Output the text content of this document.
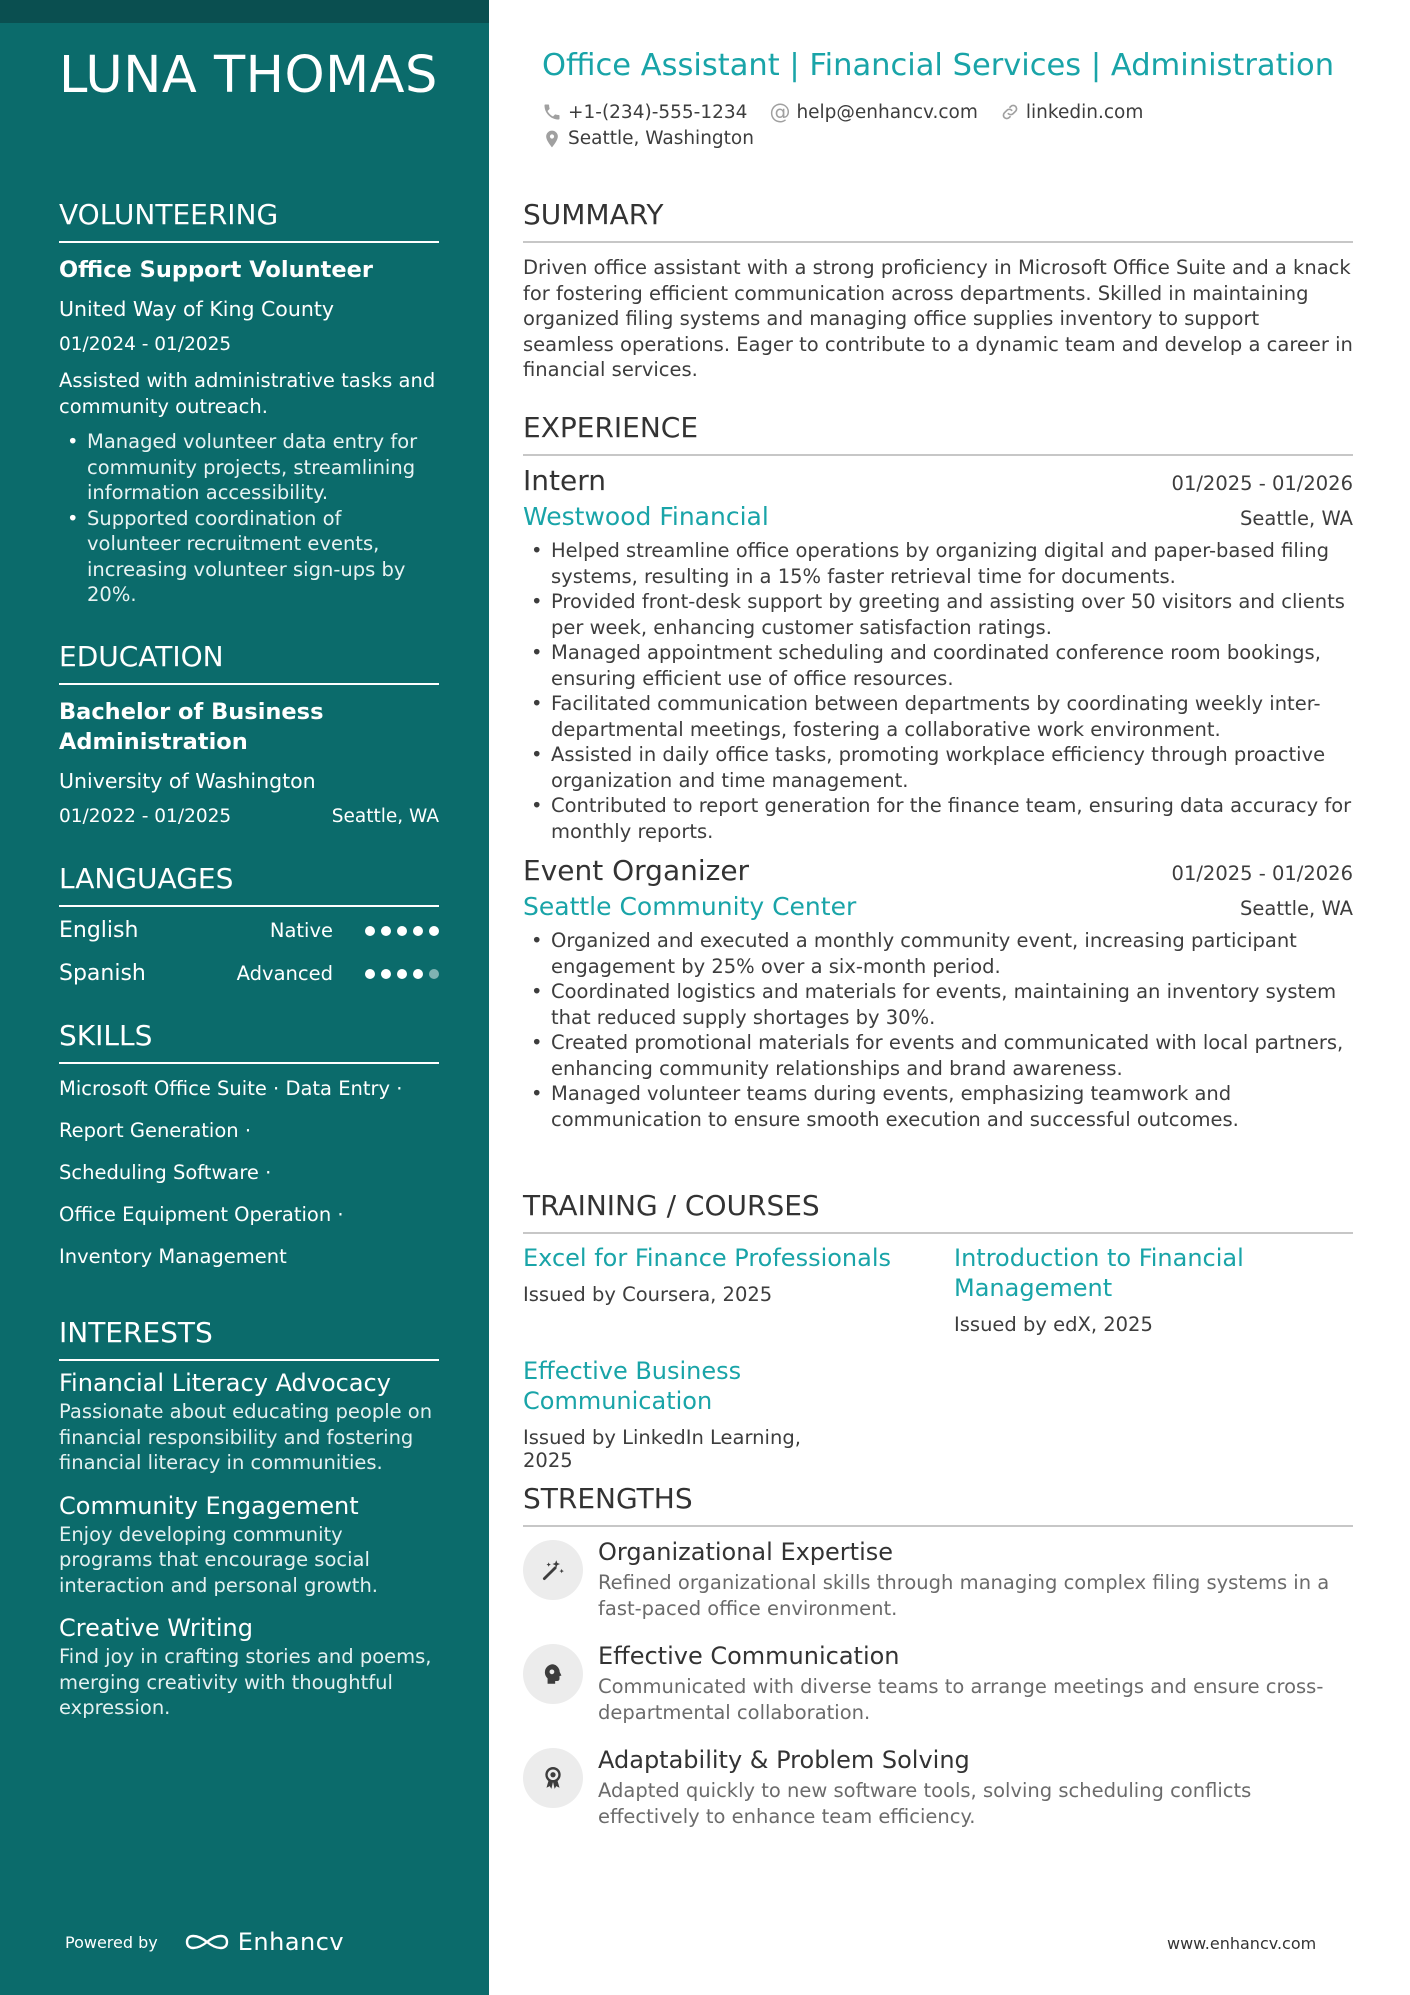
LUNA THOMAS
VOLUNTEERING
Office Support Volunteer
United Way of King County
01/2024 - 01/2025
Assisted with administrative tasks and community outreach.
• Managed volunteer data entry for community projects, streamlining information accessibility.
• Supported coordination of volunteer recruitment events, increasing volunteer sign-ups by 20%.
EDUCATION
Bachelor of Business Administration
University of Washington
01/2022 - 01/2025	Seattle, WA
LANGUAGES
English	Native
Spanish	Advanced
SKILLS
Microsoft Office Suite · Data Entry ·
Report Generation ·
Scheduling Software ·
Office Equipment Operation ·
Inventory Management
INTERESTS
Financial Literacy Advocacy
Passionate about educating people on financial responsibility and fostering financial literacy in communities.
Community Engagement
Enjoy developing community programs that encourage social interaction and personal growth.
Creative Writing
Find joy in crafting stories and poems, merging creativity with thoughtful expression.
Powered by	Enhancv
Office Assistant | Financial Services | Administration
+1-(234)-555-1234 @ help@enhancv.com	linkedin.com
Seattle, Washington
SUMMARY
Driven office assistant with a strong proficiency in Microsoft Office Suite and a knack for fostering efficient communication across departments. Skilled in maintaining organized filing systems and managing office supplies inventory to support seamless operations. Eager to contribute to a dynamic team and develop a career in financial services.
EXPERIENCE
Intern	01/2025 - 01/2026
Westwood Financial	Seattle, WA
• Helped streamline office operations by organizing digital and paper-based filing systems, resulting in a 15% faster retrieval time for documents.
• Provided front-desk support by greeting and assisting over 50 visitors and clients per week, enhancing customer satisfaction ratings.
• Managed appointment scheduling and coordinated conference room bookings, ensuring efficient use of office resources.
• Facilitated communication between departments by coordinating weekly inter-departmental meetings, fostering a collaborative work environment.
• Assisted in daily office tasks, promoting workplace efficiency through proactive organization and time management.
• Contributed to report generation for the finance team, ensuring data accuracy for monthly reports.
Event Organizer	01/2025 - 01/2026
Seattle Community Center	Seattle, WA
• Organized and executed a monthly community event, increasing participant engagement by 25% over a six-month period.
• Coordinated logistics and materials for events, maintaining an inventory system that reduced supply shortages by 30%.
• Created promotional materials for events and communicated with local partners, enhancing community relationships and brand awareness.
• Managed volunteer teams during events, emphasizing teamwork and communication to ensure smooth execution and successful outcomes.
TRAINING / COURSES
Excel for Finance Professionals
Issued by Coursera, 2025
Introduction to Financial Management
Issued by edX, 2025
Effective Business Communication
Issued by LinkedIn Learning, 2025
STRENGTHS
Organizational Expertise
Refined organizational skills through managing complex filing systems in a fast-paced office environment.
Effective Communication
Communicated with diverse teams to arrange meetings and ensure cross-departmental collaboration.
Adaptability & Problem Solving
Adapted quickly to new software tools, solving scheduling conflicts effectively to enhance team efficiency.
www.enhancv.com
